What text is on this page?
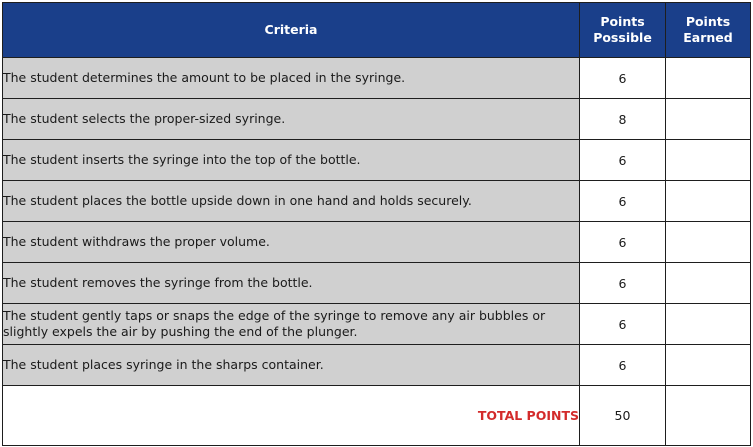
Criteria	Points Possible	Points Earned
The student determines the amount to be placed in the syringe.	6	
The student selects the proper-sized syringe.	8	
The student inserts the syringe into the top of the bottle.	6	
The student places the bottle upside down in one hand and holds securely.	6	
The student withdraws the proper volume.	6	
The student removes the syringe from the bottle.	6	
The student gently taps or snaps the edge of the syringe to remove any air bubbles or slightly expels the air by pushing the end of the plunger.	6	
The student places syringe in the sharps container.	6	
TOTAL POINTS	50	
